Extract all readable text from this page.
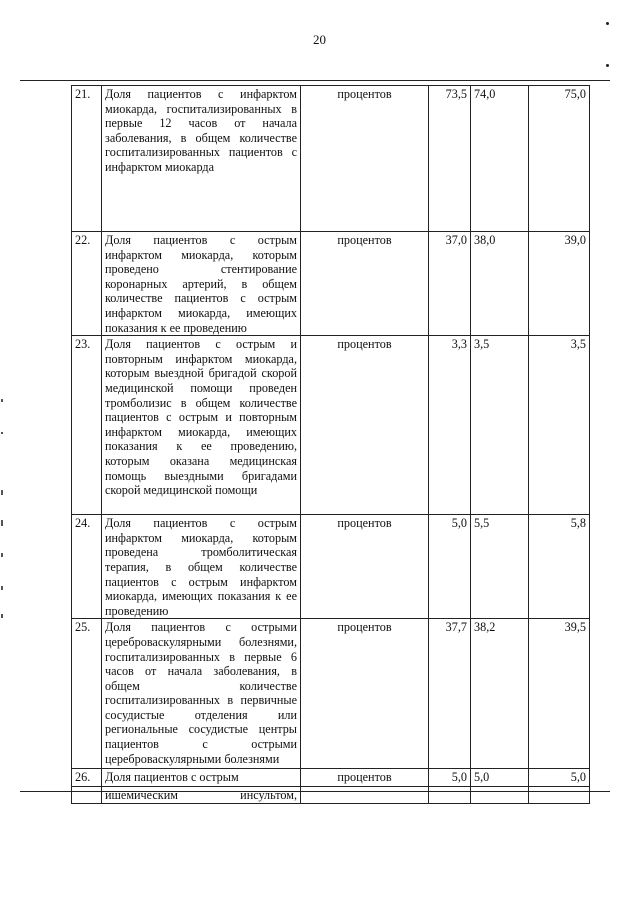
20
21.	Доля пациентов с инфарктом миокарда, госпитализированных в первые 12 часов от начала заболевания, в общем количестве госпитализированных пациентов с инфарктом миокарда	процентов	73,5	74,0	75,0
22.	Доля пациентов с острым инфарктом миокарда, которым проведено стентирование коронарных артерий, в общем количестве пациентов с острым инфарктом миокарда, имеющих показания к ее проведению	процентов	37,0	38,0	39,0
23.	Доля пациентов с острым и повторным инфарктом миокарда, которым выездной бригадой скорой медицинской помощи проведен тромболизис в общем количестве пациентов с острым и повторным инфарктом миокарда, имеющих показания к ее проведению, которым оказана медицинская помощь выездными бригадами скорой медицинской помощи	процентов	3,3	3,5	3,5
24.	Доля пациентов с острым инфарктом миокарда, которым проведена тромболитическая терапия, в общем количестве пациентов с острым инфарктом миокарда, имеющих показания к ее проведению	процентов	5,0	5,5	5,8
25.	Доля пациентов с острыми цереброваскулярными болезнями, госпитализированных в первые 6 часов от начала заболевания, в общем количестве госпитализированных в первичные сосудистые отделения или региональные сосудистые центры пациентов с острыми цереброваскулярными болезнями	процентов	37,7	38,2	39,5
26.	Доля пациентов с острым	процентов	5,0	5,0	5,0
	ишемическим инсультом,				
